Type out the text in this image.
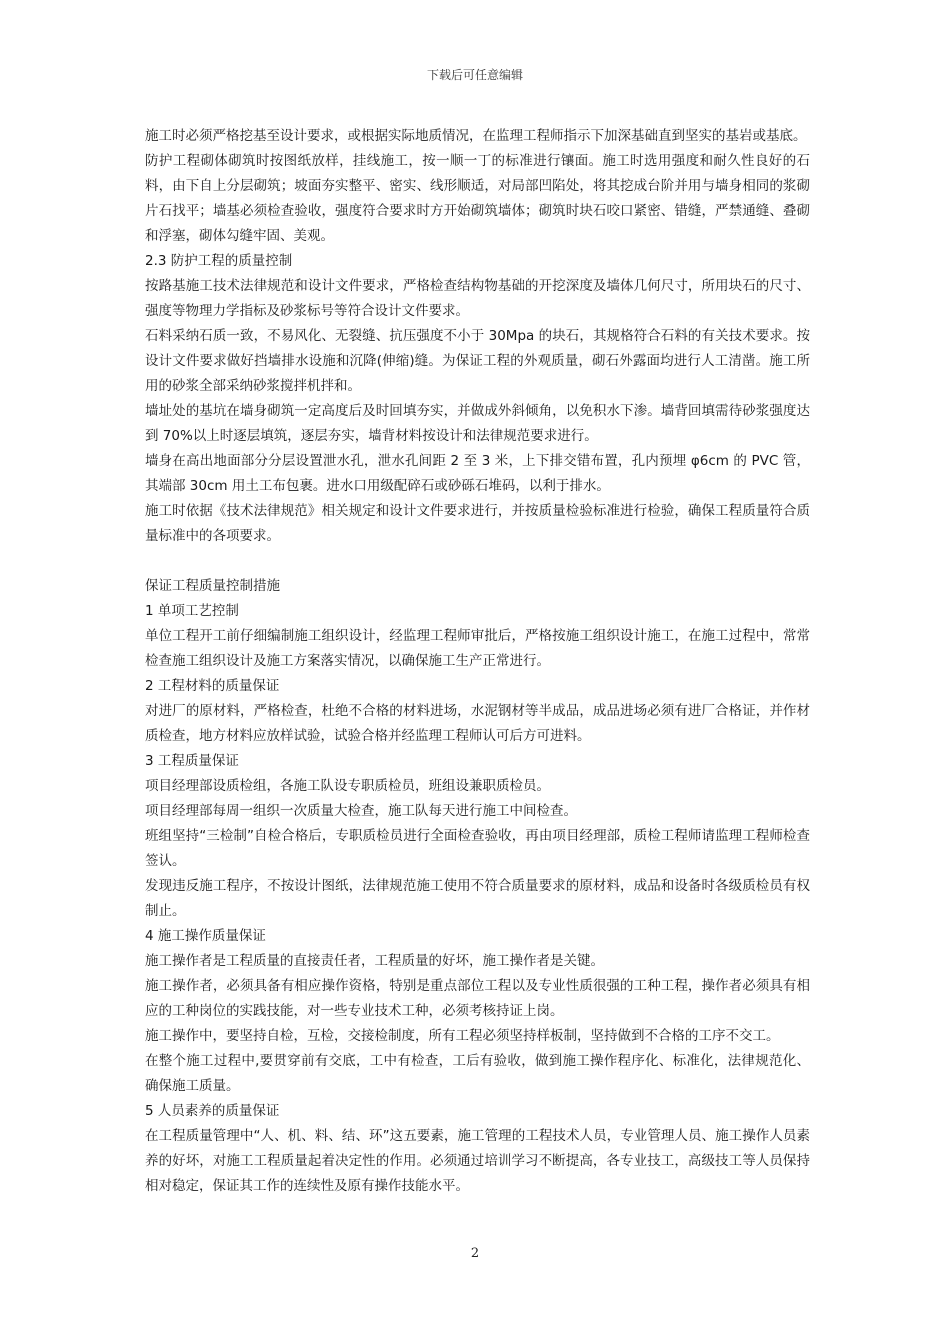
下载后可任意编辑

施工时必须严格挖基至设计要求，或根据实际地质情况，在监理工程师指示下加深基础直到坚实的基岩或基底。

防护工程砌体砌筑时按图纸放样，挂线施工，按一顺一丁的标准进行镶面。施工时选用强度和耐久性良好的石料，由下自上分层砌筑；坡面夯实整平、密实、线形顺适，对局部凹陷处，将其挖成台阶并用与墙身相同的浆砌片石找平；墙基必须检查验收，强度符合要求时方开始砌筑墙体；砌筑时块石咬口紧密、错缝，严禁通缝、叠砌和浮塞，砌体勾缝牢固、美观。

2.3 防护工程的质量控制

按路基施工技术法律规范和设计文件要求，严格检查结构物基础的开挖深度及墙体几何尺寸，所用块石的尺寸、强度等物理力学指标及砂浆标号等符合设计文件要求。

石料采纳石质一致，不易风化、无裂缝、抗压强度不小于 30Mpa 的块石，其规格符合石料的有关技术要求。按设计文件要求做好挡墙排水设施和沉降(伸缩)缝。为保证工程的外观质量，砌石外露面均进行人工清凿。施工所用的砂浆全部采纳砂浆搅拌机拌和。

墙址处的基坑在墙身砌筑一定高度后及时回填夯实，并做成外斜倾角，以免积水下渗。墙背回填需待砂浆强度达到 70%以上时逐层填筑，逐层夯实，墙背材料按设计和法律规范要求进行。

墙身在高出地面部分分层设置泄水孔，泄水孔间距 2 至 3 米，上下排交错布置，孔内预埋 φ6cm 的 PVC 管，其端部 30cm 用土工布包裹。进水口用级配碎石或砂砾石堆码，以利于排水。

施工时依据《技术法律规范》相关规定和设计文件要求进行，并按质量检验标准进行检验，确保工程质量符合质量标准中的各项要求。

保证工程质量控制措施

1 单项工艺控制

单位工程开工前仔细编制施工组织设计，经监理工程师审批后，严格按施工组织设计施工，在施工过程中，常常检查施工组织设计及施工方案落实情况，以确保施工生产正常进行。

2 工程材料的质量保证

对进厂的原材料，严格检查，杜绝不合格的材料进场，水泥钢材等半成品，成品进场必须有进厂合格证，并作材质检查，地方材料应放样试验，试验合格并经监理工程师认可后方可进料。

3 工程质量保证

项目经理部设质检组，各施工队设专职质检员，班组设兼职质检员。

项目经理部每周一组织一次质量大检查，施工队每天进行施工中间检查。

班组坚持“三检制”自检合格后，专职质检员进行全面检查验收，再由项目经理部，质检工程师请监理工程师检查签认。

发现违反施工程序，不按设计图纸，法律规范施工使用不符合质量要求的原材料，成品和设备时各级质检员有权制止。

4 施工操作质量保证

施工操作者是工程质量的直接责任者，工程质量的好坏，施工操作者是关键。

施工操作者，必须具备有相应操作资格，特别是重点部位工程以及专业性质很强的工种工程，操作者必须具有相应的工种岗位的实践技能，对一些专业技术工种，必须考核持证上岗。

施工操作中，要坚持自检，互检，交接检制度，所有工程必须坚持样板制，坚持做到不合格的工序不交工。

在整个施工过程中,要贯穿前有交底，工中有检查，工后有验收，做到施工操作程序化、标准化，法律规范化、确保施工质量。

5 人员素养的质量保证

在工程质量管理中“人、机、料、结、环”这五要素，施工管理的工程技术人员，专业管理人员、施工操作人员素养的好坏，对施工工程质量起着决定性的作用。必须通过培训学习不断提高，各专业技工，高级技工等人员保持相对稳定，保证其工作的连续性及原有操作技能水平。

2
